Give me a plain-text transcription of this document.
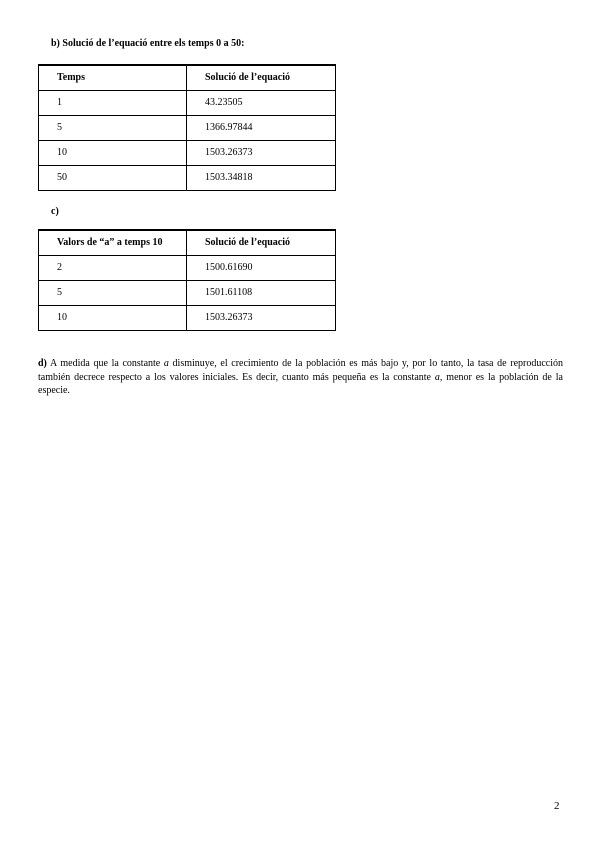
b) Solució de l’equació entre els temps 0 a 50:
Temps	Solució de l’equació
1	43.23505
5	1366.97844
10	1503.26373
50	1503.34818
c)
Valors de “a” a temps 10	Solució de l’equació
2	1500.61690
5	1501.61108
10	1503.26373

d) A medida que la constante a disminuye, el crecimiento de la población es más bajo y, por lo tanto, la tasa de reproducción también decrece respecto a los valores iniciales. Es decir, cuanto más pequeña es la constante a, menor es la población de la especie.

2
